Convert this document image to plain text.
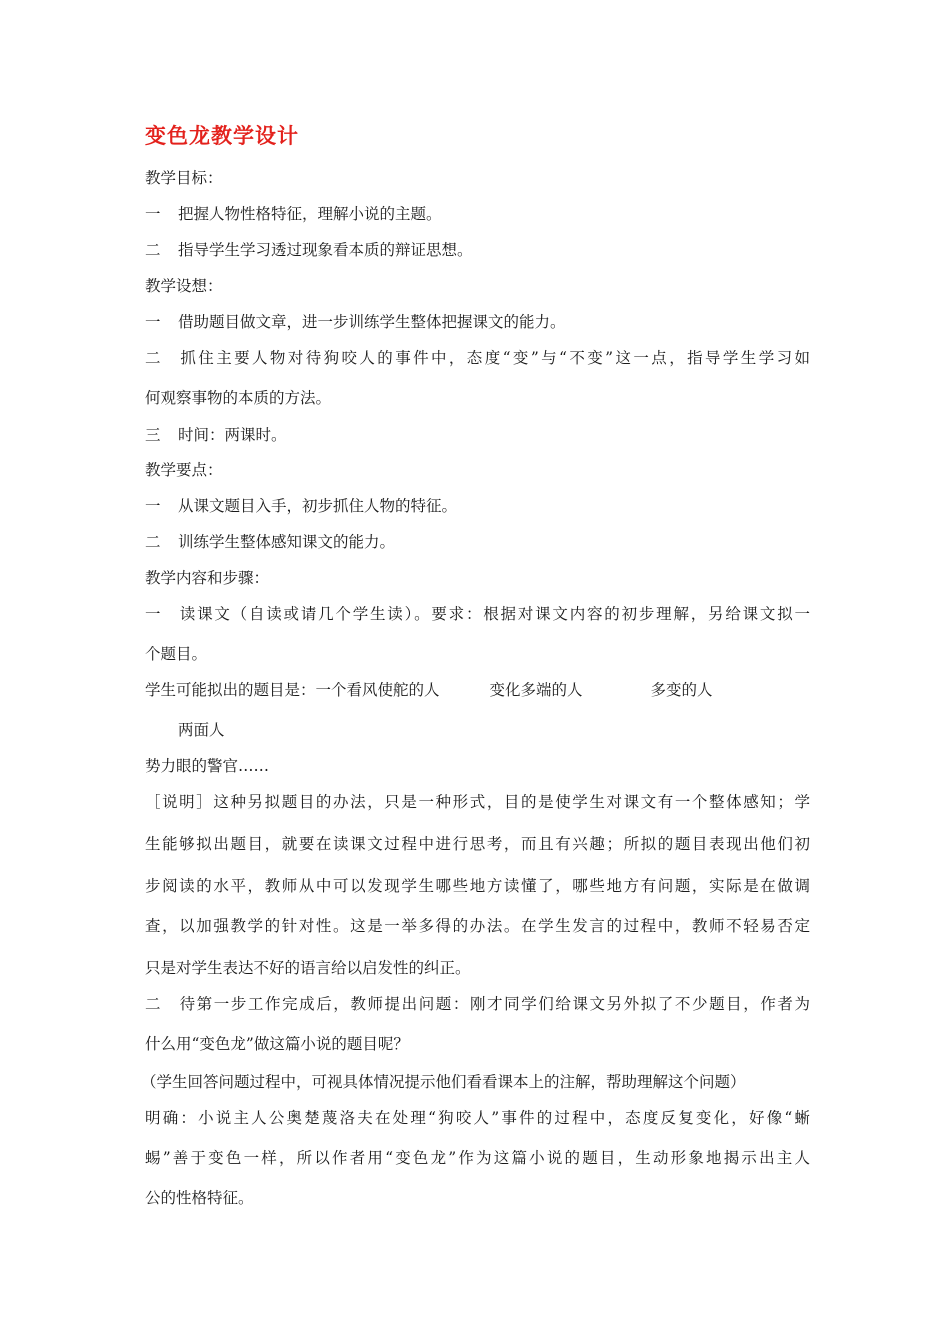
变色龙教学设计
教学目标：
一 把握人物性格特征，理解小说的主题。
二 指导学生学习透过现象看本质的辩证思想。
教学设想：
一 借助题目做文章，进一步训练学生整体把握课文的能力。
二 抓住主要人物对待狗咬人的事件中，态度“变”与“不变”这一点，指导学生学习如
何观察事物的本质的方法。
三 时间：两课时。
教学要点：
一 从课文题目入手，初步抓住人物的特征。
二 训练学生整体感知课文的能力。
教学内容和步骤：
一 读课文（自读或请几个学生读）。要求：根据对课文内容的初步理解，另给课文拟一
个题目。
学生可能拟出的题目是：一个看风使舵的人	变化多端的人	多变的人
两面人
势力眼的警官……
［说明］这种另拟题目的办法，只是一种形式，目的是使学生对课文有一个整体感知；学
生能够拟出题目，就要在读课文过程中进行思考，而且有兴趣；所拟的题目表现出他们初
步阅读的水平，教师从中可以发现学生哪些地方读懂了，哪些地方有问题，实际是在做调
查，以加强教学的针对性。这是一举多得的办法。在学生发言的过程中，教师不轻易否定
只是对学生表达不好的语言给以启发性的纠正。
二 待第一步工作完成后，教师提出问题：刚才同学们给课文另外拟了不少题目，作者为
什么用“变色龙”做这篇小说的题目呢？
（学生回答问题过程中，可视具体情况提示他们看看课本上的注解，帮助理解这个问题）
明确：小说主人公奥楚蔑洛夫在处理“狗咬人”事件的过程中，态度反复变化，好像“蜥
蜴”善于变色一样，所以作者用“变色龙”作为这篇小说的题目，生动形象地揭示出主人
公的性格特征。
